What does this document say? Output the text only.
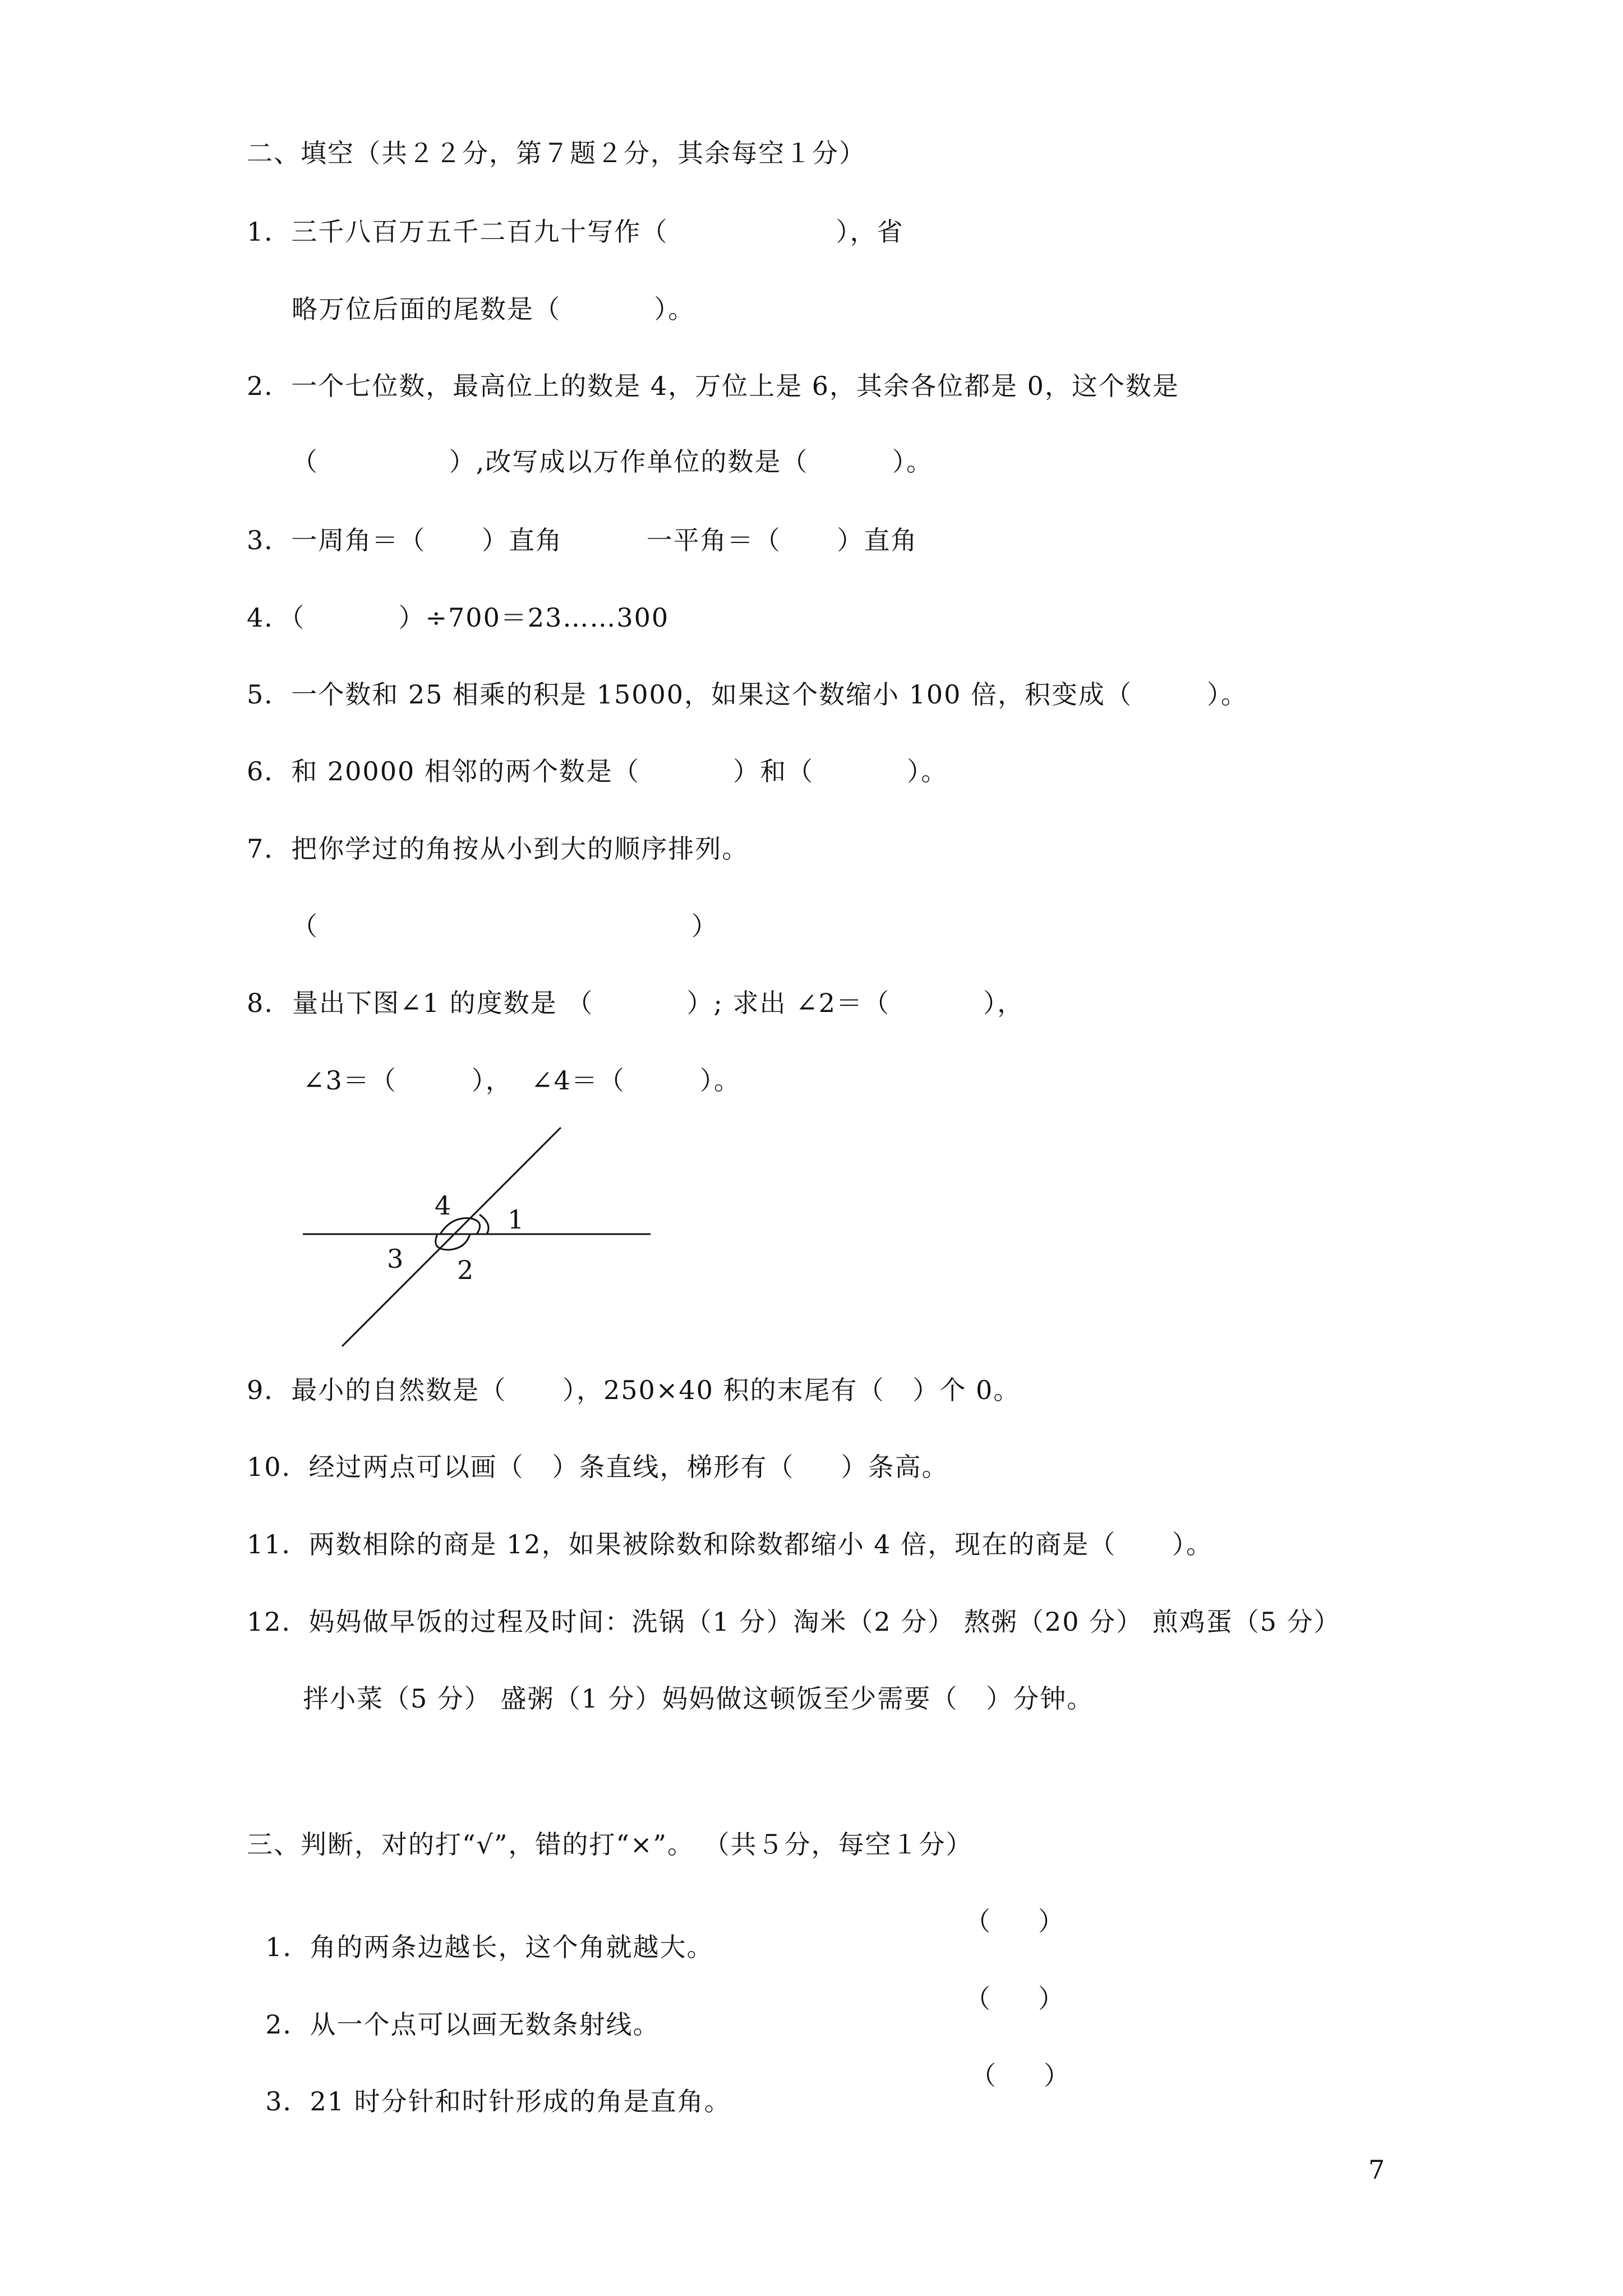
二、填空（共２２分，第７题２分，其余每空１分）
1．三千八百万五千二百九十写作（                  ），省
略万位后面的尾数是（          ）。
2．一个七位数，最高位上的数是 4，万位上是 6，其余各位都是 0，这个数是
（              ）,改写成以万作单位的数是（         ）。
3．一周角＝（      ）直角         一平角＝（      ）直角
4．（          ）÷700＝23……300
5．一个数和 25 相乘的积是 15000，如果这个数缩小 100 倍，积变成（        ）。
6．和 20000 相邻的两个数是（          ）和（          ）。
7．把你学过的角按从小到大的顺序排列。
（                                        ）
8.  量出下图∠1 的度数是 （          ）; 求出 ∠2＝（          ），
∠3＝（        ），  ∠4＝（        ）。
4 1
3 2
9．最小的自然数是（      ），250×40 积的末尾有（   ）个 0。
10．经过两点可以画（   ）条直线，梯形有（     ）条高。
11．两数相除的商是 12，如果被除数和除数都缩小 4 倍，现在的商是（      ）。
12．妈妈做早饭的过程及时间：洗锅（1 分）淘米（2 分） 熬粥（20 分） 煎鸡蛋（5 分）
拌小菜（5 分） 盛粥（1 分）妈妈做这顿饭至少需要（   ）分钟。
三、判断，对的打“√”，错的打“×”。 （共５分，每空１分）

1．角的两条边越长，这个角就越大。

（     ）

2．从一个点可以画无数条射线。

（     ）

3．21 时分针和时针形成的角是直角。

（     ）
7
